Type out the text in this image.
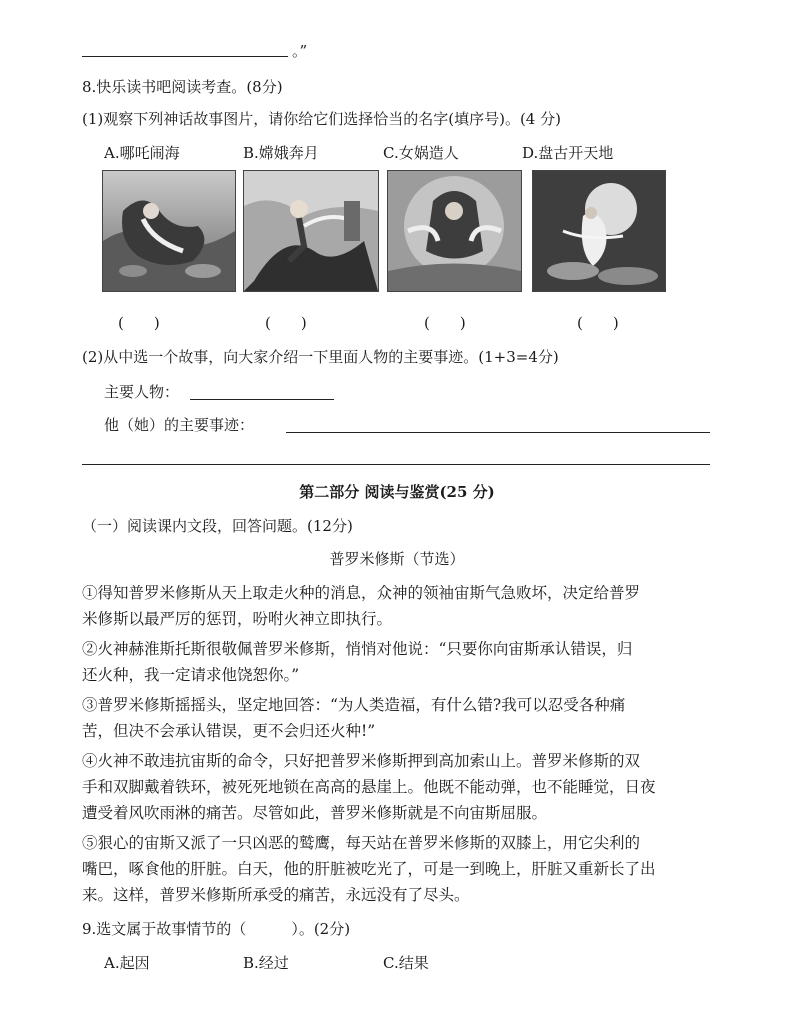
。”
8.快乐读书吧阅读考查。(8分)
(1)观察下列神话故事图片，请你给它们选择恰当的名字(填序号)。(4 分)
A.哪吒闹海	B.嫦娥奔月	C.女娲造人	D.盘古开天地
(　　)	(　　)	(　　)	(　　)
(2)从中选一个故事，向大家介绍一下里面人物的主要事迹。(1+3=4分)
主要人物：
他（她）的主要事迹：
第二部分 阅读与鉴赏(25 分)
（一）阅读课内文段，回答问题。(12分)
普罗米修斯（节选）
①得知普罗米修斯从天上取走火种的消息，众神的领袖宙斯气急败坏，决定给普罗
米修斯以最严厉的惩罚，吩咐火神立即执行。
②火神赫淮斯托斯很敬佩普罗米修斯，悄悄对他说：“只要你向宙斯承认错误，归
还火种，我一定请求他饶恕你。”
③普罗米修斯摇摇头，坚定地回答：“为人类造福，有什么错?我可以忍受各种痛
苦，但决不会承认错误，更不会归还火种!”
④火神不敢违抗宙斯的命令，只好把普罗米修斯押到高加索山上。普罗米修斯的双
手和双脚戴着铁环，被死死地锁在高高的悬崖上。他既不能动弹，也不能睡觉，日夜
遭受着风吹雨淋的痛苦。尽管如此，普罗米修斯就是不向宙斯屈服。
⑤狠心的宙斯又派了一只凶恶的鹫鹰，每天站在普罗米修斯的双膝上，用它尖利的
嘴巴，啄食他的肝脏。白天，他的肝脏被吃光了，可是一到晚上，肝脏又重新长了出
来。这样，普罗米修斯所承受的痛苦，永远没有了尽头。
9.选文属于故事情节的（　　　）。(2分)
A.起因	B.经过	C.结果
